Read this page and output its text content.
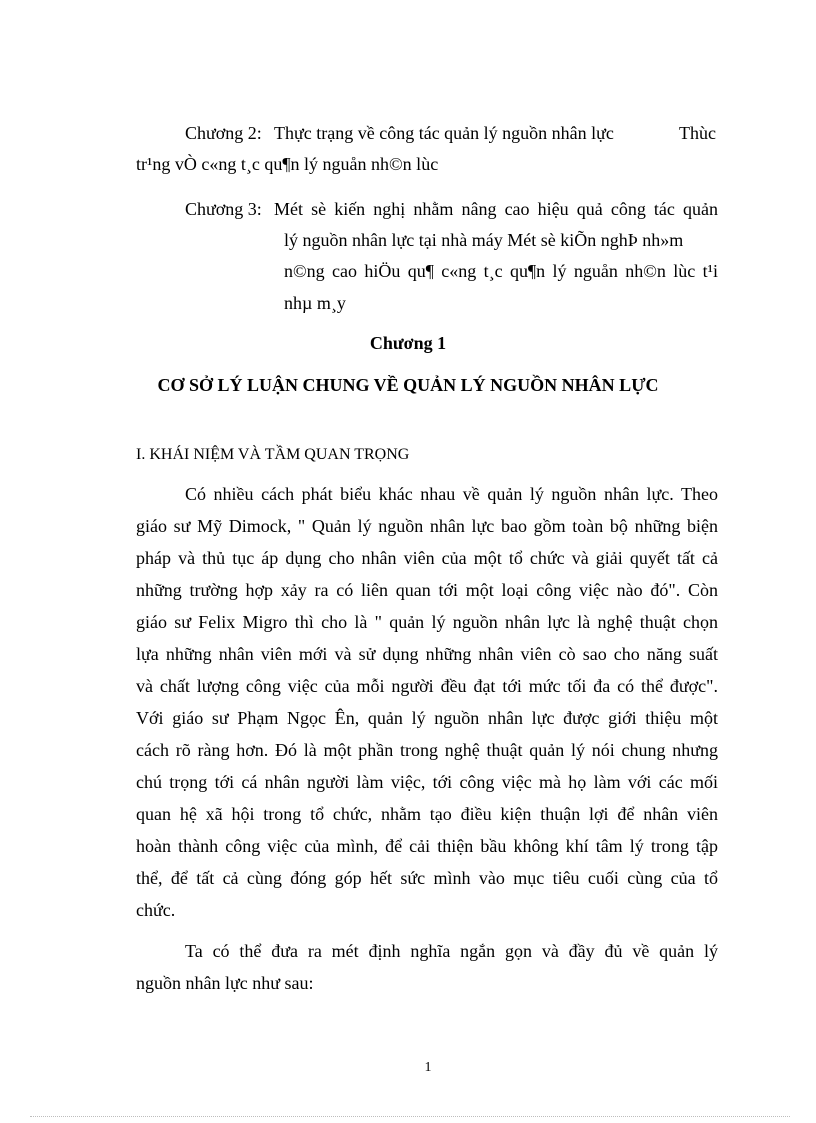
Chương 2: Thực trạng về công tác quản lý nguồn nhân lực	Thùc

tr¹ng vÒ c«ng t¸c qu¶n lý nguån nh©n lùc

Chương 3: Mét sè kiến nghị nhằm nâng cao hiệu quả công tác quản

lý nguồn nhân lực tại nhà máy Mét sè kiÕn nghÞ nh»m

n©ng cao hiÖu qu¶ c«ng t¸c qu¶n lý nguån nh©n lùc t¹i

nhµ m¸y

Chương 1

CƠ SỞ LÝ LUẬN CHUNG VỀ QUẢN LÝ NGUỒN NHÂN LỰC

I. KHÁI NIỆM VÀ TẦM QUAN TRỌNG

Có nhiều cách phát biểu khác nhau về quản lý nguồn nhân lực. Theo

giáo sư Mỹ Dimock, " Quản lý nguồn nhân lực bao gồm toàn bộ những biện

pháp và thủ tục áp dụng cho nhân viên của một tổ chức và giải quyết tất cả

những trường hợp xảy ra có liên quan tới một loại công việc nào đó". Còn

giáo sư Felix Migro thì cho là " quản lý nguồn nhân lực là nghệ thuật chọn

lựa những nhân viên mới và sử dụng những nhân viên cò sao cho năng suất

và chất lượng công việc của mỗi người đều đạt tới mức tối đa có thể được".

Với giáo sư Phạm Ngọc Ên, quản lý nguồn nhân lực được giới thiệu một

cách rõ ràng hơn. Đó là một phần trong nghệ thuật quản lý nói chung nhưng

chú trọng tới cá nhân người làm việc, tới công việc mà họ làm với các mối

quan hệ xã hội trong tổ chức, nhằm tạo điều kiện thuận lợi để nhân viên

hoàn thành công việc của mình, để cải thiện bầu không khí tâm lý trong tập

thể, để tất cả cùng đóng góp hết sức mình vào mục tiêu cuối cùng của tổ

chức.

Ta có thể đưa ra mét định nghĩa ngắn gọn và đầy đủ về quản lý

nguồn nhân lực như sau:

1
